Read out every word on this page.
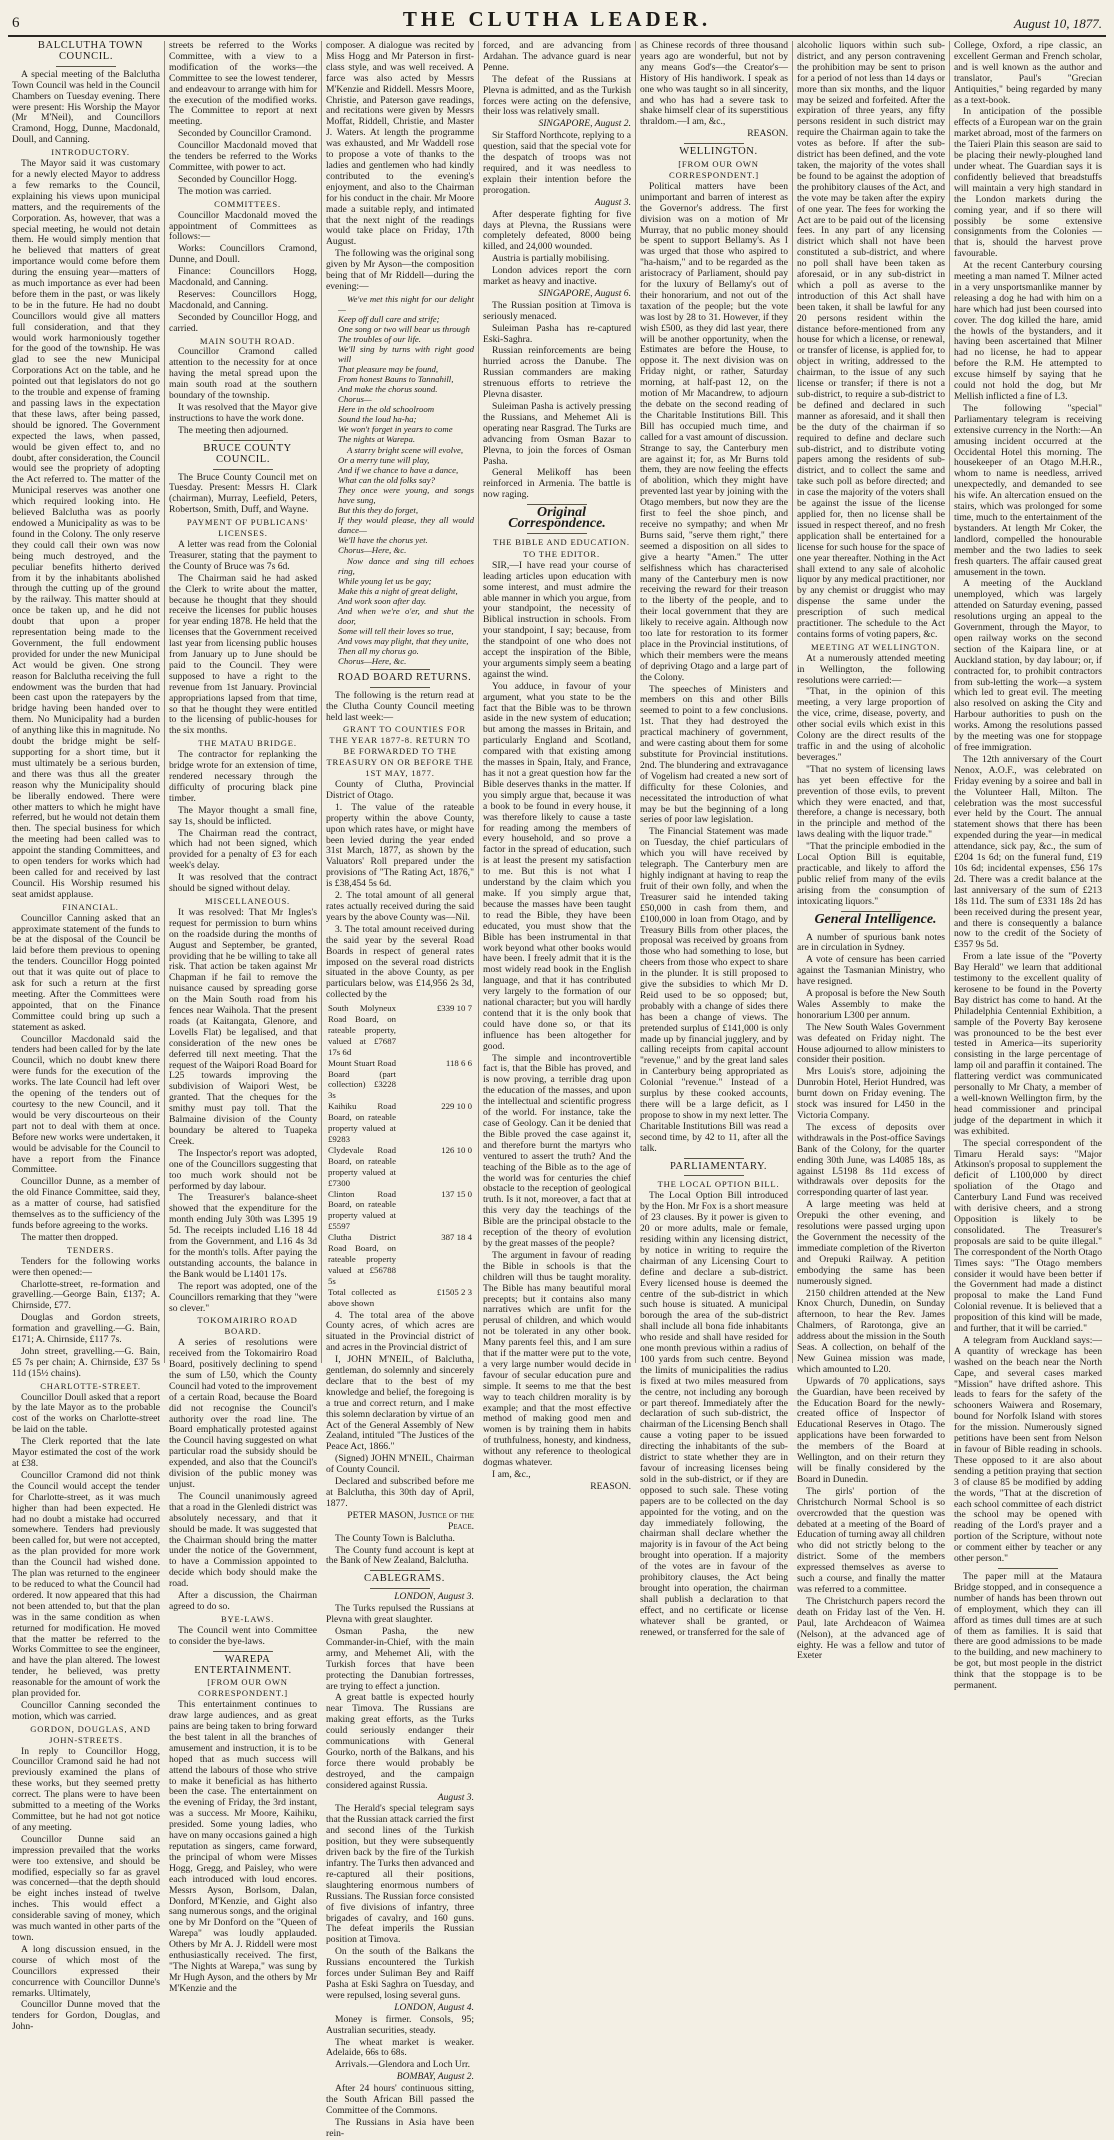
6	THE CLUTHA LEADER.	August 10, 1877.

BALCLUTHA TOWN COUNCIL.

A special meeting of the Balclutha Town Council was held in the Council Chambers on Tuesday evening. There were present: His Worship the Mayor (Mr M'Neil), and Councillors Cramond, Hogg, Dunne, Macdonald, Doull, and Canning.

INTRODUCTORY.

The Mayor said it was customary for a newly elected Mayor to address a few remarks to the Council, explaining his views upon municipal matters, and the requirements of the Corporation. As, however, that was a special meeting, he would not detain them. He would simply mention that he believed that matters of great importance would come before them during the ensuing year—matters of as much importance as ever had been before them in the past, or was likely to be in the future. He had no doubt Councillors would give all matters full consideration, and that they would work harmoniously together for the good of the township. He was glad to see the new Municipal Corporations Act on the table, and he pointed out that legislators do not go to the trouble and expense of framing and passing laws in the expectation that these laws, after being passed, should be ignored. The Government expected the laws, when passed, would be given effect to, and no doubt, after consideration, the Council would see the propriety of adopting the Act referred to. The matter of the Municipal reserves was another one which required looking into. He believed Balclutha was as poorly endowed a Municipality as was to be found in the Colony. The only reserve they could call their own was now being much destroyed, and the peculiar benefits hitherto derived from it by the inhabitants abolished through the cutting up of the ground by the railway. This matter should at once be taken up, and he did not doubt that upon a proper representation being made to the Government, the full endowment provided for under the new Municipal Act would be given. One strong reason for Balclutha receiving the full endowment was the burden that had been cast upon the ratepayers by the bridge having been handed over to them. No Municipality had a burden of anything like this in magnitude. No doubt the bridge might be self-supporting for a short time, but it must ultimately be a serious burden, and there was thus all the greater reason why the Municipality should be liberally endowed. There were other matters to which he might have referred, but he would not detain them then. The special business for which the meeting had been called was to appoint the standing Committees, and to open tenders for works which had been called for and received by last Council. His Worship resumed his seat amidst applause.

FINANCIAL.

Councillor Canning asked that an approximate statement of the funds to be at the disposal of the Council be laid before them previous to opening the tenders. Councillor Hogg pointed out that it was quite out of place to ask for such a return at the first meeting. After the Committees were appointed, that on the Finance Committee could bring up such a statement as asked.

Councillor Macdonald said the tenders had been called for by the late Council, which no doubt knew there were funds for the execution of the works. The late Council had left over the opening of the tenders out of courtesy to the new Council, and it would be very discourteous on their part not to deal with them at once. Before new works were undertaken, it would be advisable for the Council to have a report from the Finance Committee.

Councillor Dunne, as a member of the old Finance Committee, said they, as a matter of course, had satisfied themselves as to the sufficiency of the funds before agreeing to the works.

The matter then dropped.

TENDERS.

Tenders for the following works were then opened:—

Charlotte-street, re-formation and gravelling.—George Bain, £137; A. Chirnside, £77.

Douglas and Gordon streets, formation and gravelling.—G. Bain, £171; A. Chirnside, £117 7s.

John street, gravelling.—G. Bain, £5 7s per chain; A. Chirnside, £37 5s 11d (15½ chains).

CHARLOTTE-STREET.

Councillor Doull asked that a report by the late Mayor as to the probable cost of the works on Charlotte-street be laid on the table.

The Clerk reported that the late Mayor estimated the cost of the work at £38.

Councillor Cramond did not think the Council would accept the tender for Charlotte-street, as it was much higher than had been expected. He had no doubt a mistake had occurred somewhere. Tenders had previously been called for, but were not accepted, as the plan provided for more work than the Council had wished done. The plan was returned to the engineer to be reduced to what the Council had ordered. It now appeared that this had not been attended to, but that the plan was in the same condition as when returned for modification. He moved that the matter be referred to the Works Committee to see the engineer, and have the plan altered. The lowest tender, he believed, was pretty reasonable for the amount of work the plan provided for.

Councillor Canning seconded the motion, which was carried.

GORDON, DOUGLAS, AND JOHN-STREETS.

In reply to Councillor Hogg, Councillor Cramond said he had not previously examined the plans of these works, but they seemed pretty correct. The plans were to have been submitted to a meeting of the Works Committee, but he had not got notice of any meeting.

Councillor Dunne said an impression prevailed that the works were too extensive, and should be modified, especially so far as gravel was concerned—that the depth should be eight inches instead of twelve inches. This would effect a considerable saving of money, which was much wanted in other parts of the town.

A long discussion ensued, in the course of which most of the Councillors expressed their concurrence with Councillor Dunne's remarks. Ultimately,

Councillor Dunne moved that the tenders for Gordon, Douglas, and John-

streets be referred to the Works Committee, with a view to a modification of the works—the Committee to see the lowest tenderer, and endeavour to arrange with him for the execution of the modified works. The Committee to report at next meeting.

Seconded by Councillor Cramond.

Councillor Macdonald moved that the tenders be referred to the Works Committee, with power to act.

Seconded by Councillor Hogg.

The motion was carried.

COMMITTEES.

Councillor Macdonald moved the appointment of Committees as follows:—

Works: Councillors Cramond, Dunne, and Doull.

Finance: Councillors Hogg, Macdonald, and Canning.

Reserves: Councillors Hogg, Macdonald, and Canning.

Seconded by Councillor Hogg, and carried.

MAIN SOUTH ROAD.

Councillor Cramond called attention to the necessity for at once having the metal spread upon the main south road at the southern boundary of the township.

It was resolved that the Mayor give instructions to have the work done.

The meeting then adjourned.

BRUCE COUNTY COUNCIL.

The Bruce County Council met on Tuesday. Present: Messrs H. Clark (chairman), Murray, Leefield, Peters, Robertson, Smith, Duff, and Wayne.

PAYMENT OF PUBLICANS' LICENSES.

A letter was read from the Colonial Treasurer, stating that the payment to the County of Bruce was 7s 6d.

The Chairman said he had asked the Clerk to write about the matter, because he thought that they should receive the licenses for public houses for year ending 1878. He held that the licenses that the Government received last year from licensing public houses from January up to June should be paid to the Council. They were supposed to have a right to the revenue from 1st January. Provincial appropriations lapsed from that time, so that he thought they were entitled to the licensing of public-houses for the six months.

THE MATAU BRIDGE.

The contractor for replanking the bridge wrote for an extension of time, rendered necessary through the difficulty of procuring black pine timber.

The Mayor thought a small fine, say 1s, should be inflicted.

The Chairman read the contract, which had not been signed, which provided for a penalty of £3 for each week's delay.

It was resolved that the contract should be signed without delay.

MISCELLANEOUS.

It was resolved: That Mr Ingles's request for permission to burn whins on the roadside during the months of August and September, be granted, providing that he be willing to take all risk. That action be taken against Mr Chapman if he fail to remove the nuisance caused by spreading gorse on the Main South road from his fences near Waihola. That the present roads (at Kaitangata, Glenore, and Lovells Flat) be legalised, and that consideration of the new ones be deferred till next meeting. That the request of the Waipori Road Board for L25 towards improving the subdivision of Waipori West, be granted. That the cheques for the smithy must pay toll. That the Balmaine division of the County boundary be altered to Tuapeka Creek.

The Inspector's report was adopted, one of the Councillors suggesting that too much work should not be performed by day labour.

The Treasurer's balance-sheet showed that the expenditure for the month ending July 30th was L395 19 5d. The receipts included L16 18 4d from the Government, and L16 4s 3d for the month's tolls. After paying the outstanding accounts, the balance in the Bank would be L1401 17s.

The report was adopted, one of the Councillors remarking that they "were so clever."

TOKOMAIRIRO ROAD BOARD.

A series of resolutions were received from the Tokomairiro Road Board, positively declining to spend the sum of L50, which the County Council had voted to the improvement of a certain Road, because the Board did not recognise the Council's authority over the road line. The Board emphatically protested against the Council having suggested on what particular road the subsidy should be expended, and also that the Council's division of the public money was unjust.

The Council unanimously agreed that a road in the Glenledi district was absolutely necessary, and that it should be made. It was suggested that the Chairman should bring the matter under the notice of the Government, to have a Commission appointed to decide which body should make the road.

After a discussion, the Chairman agreed to do so.

BYE-LAWS.

The Council went into Committee to consider the bye-laws.

WAREPA ENTERTAINMENT.

[FROM OUR OWN CORRESPONDENT.]

This entertainment continues to draw large audiences, and as great pains are being taken to bring forward the best talent in all the branches of amusement and instruction, it is to be hoped that as much success will attend the labours of those who strive to make it beneficial as has hitherto been the case. The entertainment on the evening of Friday, the 3rd instant, was a success. Mr Moore, Kaihiku, presided. Some young ladies, who have on many occasions gained a high reputation as singers, came forward, the principal of whom were Misses Hogg, Gregg, and Paisley, who were each introduced with loud encores. Messrs Ayson, Borlsom, Dalan, Donford, M'Kenzie, and Gight also sang numerous songs, and the original one by Mr Donford on the "Queen of Warepa" was loudly applauded. Others by Mr A. J. Riddell were most enthusiastically received. The first, "The Nights at Warepa," was sung by Mr Hugh Ayson, and the others by Mr M'Kenzie and the

composer. A dialogue was recited by Miss Hogg and Mr Paterson in first-class style, and was well received. A farce was also acted by Messrs M'Kenzie and Riddell. Messrs Moore, Christie, and Paterson gave readings, and recitations were given by Messrs Moffat, Riddell, Christie, and Master J. Waters. At length the programme was exhausted, and Mr Waddell rose to propose a vote of thanks to the ladies and gentlemen who had kindly contributed to the evening's enjoyment, and also to the Chairman for his conduct in the chair. Mr Moore made a suitable reply, and intimated that the next night of the readings would take place on Friday, 17th August.

The following was the original song given by Mr Ayson—the composition being that of Mr Riddell—during the evening:—

We've met this night for our delight—
Keep off dull care and strife;
One song or two will bear us through
The troubles of our life.
We'll sing by turns with right good will
That pleasure may be found,
From honest Bauns to Tannahill,
And make the chorus sound.
Chorus—
Here in the old schoolroom
Sound the loud ha-ha;
We won't forget in years to come
The nights at Warepa.

A starry bright scene will evolve,
Or a merry tune will play,
And if we chance to have a dance,
What can the old folks say?
They once were young, and songs have sung,
But this they do forget,
If they would please, they all would dance—
We'll have the chorus yet.
Chorus—Here, &c.

Now dance and sing till echoes ring,
While young let us be gay;
Make this a night of great delight,
And work soon after day.
And when we're o'er, and shut the door,
Some will tell their loves so true,
And vows may plight, that they unite,
Then all my chorus go.
Chorus—Here, &c.

ROAD BOARD RETURNS.

The following is the return read at the Clutha County Council meeting held last week:—

GRANT TO COUNTIES FOR THE YEAR 1877-8. RETURN TO BE FORWARDED TO THE TREASURY ON OR BEFORE THE 1ST MAY, 1877.

County of Clutha, Provincial District of Otago.

1. The value of the rateable property within the above County, upon which rates have, or might have been levied during the year ended 31st March, 1877, as shown by the Valuators' Roll prepared under the provisions of "The Rating Act, 1876," is £38,454 5s 6d.

2. The total amount of all general rates actually received during the said years by the above County was—Nil.

3. The total amount received during the said year by the several Road Boards in respect of general rates imposed on the several road districts situated in the above County, as per particulars below, was £14,956 2s 3d, collected by the

South Molyneux Road Board, on rateable property, valued at £7687 17s 6d	£339 10 7
Mount Stuart Road Board (part collection) £3228 3s	118 6 6
Kaihiku Road Board, on rateable property valued at £9283	229 10 0
Clydevale Road Board, on rateable property valued at £7300	126 10 0
Clinton Road Board, on rateable property valued at £5597	137 15 0
Clutha District Road Board, on rateable property valued at £56788 5s	387 18 4
Total collected as above shown	£1505 2 3

4. The total area of the above County acres, of which acres are situated in the Provincial district of and acres in the Provincial district of

I, JOHN M'NEIL, of Balclutha, gentleman, do solemnly and sincerely declare that to the best of my knowledge and belief, the foregoing is a true and correct return, and I make this solemn declaration by virtue of an Act of the General Assembly of New Zealand, intituled "The Justices of the Peace Act, 1866."

(Signed) JOHN M'NEIL, Chairman of County Council.

Declared and subscribed before me at Balclutha, this 30th day of April, 1877.

PETER MASON, Justice of the Peace.

The County Town is Balclutha.

The County fund account is kept at the Bank of New Zealand, Balclutha.

CABLEGRAMS.

LONDON, August 3.

The Turks repulsed the Russians at Plevna with great slaughter.

Osman Pasha, the new Commander-in-Chief, with the main army, and Mehemet Ali, with the Turkish forces that have been protecting the Danubian fortresses, are trying to effect a junction.

A great battle is expected hourly near Timova. The Russians are making great efforts, as the Turks could seriously endanger their communications with General Gourko, north of the Balkans, and his force there would probably be destroyed, and the campaign considered against Russia.

August 3.

The Herald's special telegram says that the Russian attack carried the first and second lines of the Turkish position, but they were subsequently driven back by the fire of the Turkish infantry. The Turks then advanced and re-captured all their positions, slaughtering enormous numbers of Russians. The Russian force consisted of five divisions of infantry, three brigades of cavalry, and 160 guns. The defeat imperils the Russian position at Timova.

On the south of the Balkans the Russians encountered the Turkish forces under Suliman Bey and Raiff Pasha at Eski Saghra on Tuesday, and were repulsed, losing several guns.

LONDON, August 4.

Money is firmer. Consols, 95; Australian securities, steady.

The wheat market is weaker. Adelaide, 66s to 68s.

Arrivals.—Glendora and Loch Urr.

BOMBAY, August 2.

After 24 hours' continuous sitting, the South African Bill passed the Committee of the Commons.

The Russians in Asia have been rein-

forced, and are advancing from Ardahan. The advance guard is near Penne.

The defeat of the Russians at Plevna is admitted, and as the Turkish forces were acting on the defensive, their loss was relatively small.

SINGAPORE, August 2.

Sir Stafford Northcote, replying to a question, said that the special vote for the despatch of troops was not required, and it was needless to explain their intention before the prorogation.

August 3.

After desperate fighting for five days at Plevna, the Russians were completely defeated, 8000 being killed, and 24,000 wounded.

Austria is partially mobilising.

London advices report the corn market as heavy and inactive.

SINGAPORE, August 6.

The Russian position at Timova is seriously menaced.

Suleiman Pasha has re-captured Eski-Saghra.

Russian reinforcements are being hurried across the Danube. The Russian commanders are making strenuous efforts to retrieve the Plevna disaster.

Suleiman Pasha is actively pressing the Russians, and Mehemet Ali is operating near Rasgrad. The Turks are advancing from Osman Bazar to Plevna, to join the forces of Osman Pasha.

General Melikoff has been reinforced in Armenia. The battle is now raging.

Original Correspondence.

THE BIBLE AND EDUCATION.

TO THE EDITOR.

SIR,—I have read your course of leading articles upon education with some interest, and must admire the able manner in which you argue, from your standpoint, the necessity of Biblical instruction in schools. From your standpoint, I say; because, from the standpoint of one who does not accept the inspiration of the Bible, your arguments simply seem a beating against the wind.

You adduce, in favour of your argument, what you state to be the fact that the Bible was to be thrown aside in the new system of education; but among the masses in Britain, and particularly England and Scotland, compared with that existing among the masses in Spain, Italy, and France, has it not a great question how far the Bible deserves thanks in the matter. If you simply argue that, because it was a book to be found in every house, it was therefore likely to cause a taste for reading among the members of every household, and so prove a factor in the spread of education, such is at least the present my satisfaction to me. But this is not what I understand by the claim which you make. If you simply argue that, because the masses have been taught to read the Bible, they have been educated, you must show that the Bible has been instrumental in that work beyond what other books would have been. I freely admit that it is the most widely read book in the English language, and that it has contributed very largely to the formation of our national character; but you will hardly contend that it is the only book that could have done so, or that its influence has been altogether for good.

The simple and incontrovertible fact is, that the Bible has proved, and is now proving, a terrible drag upon the education of the masses, and upon the intellectual and scientific progress of the world. For instance, take the case of Geology. Can it be denied that the Bible proved the case against it, and therefore burnt the martyrs who ventured to assert the truth? And the teaching of the Bible as to the age of the world was for centuries the chief obstacle to the reception of geological truth. Is it not, moreover, a fact that at this very day the teachings of the Bible are the principal obstacle to the reception of the theory of evolution by the great masses of the people?

The argument in favour of reading the Bible in schools is that the children will thus be taught morality. The Bible has many beautiful moral precepts; but it contains also many narratives which are unfit for the perusal of children, and which would not be tolerated in any other book. Many parents feel this, and I am sure that if the matter were put to the vote, a very large number would decide in favour of secular education pure and simple. It seems to me that the best way to teach children morality is by example; and that the most effective method of making good men and women is by training them in habits of truthfulness, honesty, and kindness, without any reference to theological dogmas whatever.

I am, &c.,

REASON.

as Chinese records of three thousand years ago are wonderful, but not by any means God's—the Creator's—History of His handiwork. I speak as one who was taught so in all sincerity, and who has had a severe task to shake himself clear of its superstitious thraldom.—I am, &c.,

REASON.

WELLINGTON.

[FROM OUR OWN CORRESPONDENT.]

Political matters have been unimportant and barren of interest as the Governor's address. The first division was on a motion of Mr Murray, that no public money should be spent to support Bellamy's. As I was urged that those who aspired to "ha-haism," and to be regarded as the aristocracy of Parliament, should pay for the luxury of Bellamy's out of their honorarium, and not out of the taxation of the people; but the vote was lost by 28 to 31. However, if they wish £500, as they did last year, there will be another opportunity, when the Estimates are before the House, to oppose it. The next division was on Friday night, or rather, Saturday morning, at half-past 12, on the motion of Mr Macandrew, to adjourn the debate on the second reading of the Charitable Institutions Bill. This Bill has occupied much time, and called for a vast amount of discussion. Strange to say, the Canterbury men are against it; for, as Mr Burns told them, they are now feeling the effects of abolition, which they might have prevented last year by joining with the Otago members, but now they are the first to feel the shoe pinch, and receive no sympathy; and when Mr Burns said, "serve them right," there seemed a disposition on all sides to give a hearty "Amen." The utter selfishness which has characterised many of the Canterbury men is now receiving the reward for their treason to the liberty of the people, and to their local government that they are likely to receive again. Although now too late for restoration to its former place in the Provincial institutions, of which their members were the means of depriving Otago and a large part of the Colony.

The speeches of Ministers and members on this and other Bills seemed to point to a few conclusions. 1st. That they had destroyed the practical machinery of government, and were casting about them for some substitute for Provincial institutions. 2nd. The blundering and extravagance of Vogelism had created a new sort of difficulty for these Colonies, and necessitated the introduction of what may be but the beginning of a long series of poor law legislation.

The Financial Statement was made on Tuesday, the chief particulars of which you will have received by telegraph. The Canterbury men are highly indignant at having to reap the fruit of their own folly, and when the Treasurer said he intended taking £50,000 in cash from them, and £100,000 in loan from Otago, and by Treasury Bills from other places, the proposal was received by groans from those who had something to lose, but cheers from those who expect to share in the plunder. It is still proposed to give the subsidies to which Mr D. Reid used to be so opposed; but, probably with a change of sides there has been a change of views. The pretended surplus of £141,000 is only made up by financial jugglery, and by calling receipts from capital account "revenue," and by the great land sales in Canterbury being appropriated as Colonial "revenue." Instead of a surplus by these cooked accounts, there will be a large deficit, as I propose to show in my next letter. The Charitable Institutions Bill was read a second time, by 42 to 11, after all the talk.

PARLIAMENTARY.

THE LOCAL OPTION BILL.

The Local Option Bill introduced by the Hon. Mr Fox is a short measure of 23 clauses. By it power is given to 20 or more adults, male or female, residing within any licensing district, by notice in writing to require the chairman of any Licensing Court to define and declare a sub-district. Every licensed house is deemed the centre of the sub-district in which such house is situated. A municipal borough the area of the sub-district shall include all bona fide inhabitants who reside and shall have resided for one month previous within a radius of 100 yards from such centre. Beyond the limits of municipalities the radius is fixed at two miles measured from the centre, not including any borough or part thereof. Immediately after the declaration of such sub-district, the chairman of the Licensing Bench shall cause a voting paper to be issued directing the inhabitants of the sub-district to state whether they are in favour of increasing licenses being sold in the sub-district, or if they are opposed to such sale. These voting papers are to be collected on the day appointed for the voting, and on the day immediately following, the chairman shall declare whether the majority is in favour of the Act being brought into operation. If a majority of the votes are in favour of the prohibitory clauses, the Act being brought into operation, the chairman shall publish a declaration to that effect, and no certificate or license whatever shall be granted, or renewed, or transferred for the sale of

alcoholic liquors within such sub-district, and any person contravening the prohibition may be sent to prison for a period of not less than 14 days or more than six months, and the liquor may be seized and forfeited. After the expiration of three years, any fifty persons resident in such district may require the Chairman again to take the votes as before. If after the sub-district has been defined, and the vote taken, the majority of the votes shall be found to be against the adoption of the prohibitory clauses of the Act, and the vote may be taken after the expiry of one year. The fees for working the Act are to be paid out of the licensing fees. In any part of any licensing district which shall not have been constituted a sub-district, and where no poll shall have been taken as aforesaid, or in any sub-district in which a poll as averse to the introduction of this Act shall have been taken, it shall be lawful for any 20 persons resident within the distance before-mentioned from any house for which a license, or renewal, or transfer of license, is applied for, to object in writing, addressed to the chairman, to the issue of any such license or transfer; if there is not a sub-district, to require a sub-district to be defined and declared in such manner as aforesaid, and it shall then be the duty of the chairman if so required to define and declare such sub-district, and to distribute voting papers among the residents of sub-district, and to collect the same and take such poll as before directed; and in case the majority of the voters shall be against the issue of the license applied for, then no license shall be issued in respect thereof, and no fresh application shall be entertained for a license for such house for the space of one year thereafter. Nothing in the Act shall extend to any sale of alcoholic liquor by any medical practitioner, nor by any chemist or druggist who may dispense the same under the prescription of such medical practitioner. The schedule to the Act contains forms of voting papers, &c.

MEETING AT WELLINGTON.

At a numerously attended meeting in Wellington, the following resolutions were carried:—

"That, in the opinion of this meeting, a very large proportion of the vice, crime, disease, poverty, and other social evils which exist in this Colony are the direct results of the traffic in and the using of alcoholic beverages."

"That no system of licensing laws has yet been effective for the prevention of those evils, to prevent which they were enacted, and that, therefore, a change is necessary, both in the principle and method of the laws dealing with the liquor trade."

"That the principle embodied in the Local Option Bill is equitable, practicable, and likely to afford the public relief from many of the evils arising from the consumption of intoxicating liquors."

General Intelligence.

A number of spurious bank notes are in circulation in Sydney.

A vote of censure has been carried against the Tasmanian Ministry, who have resigned.

A proposal is before the New South Wales Assembly to make the honorarium L300 per annum.

The New South Wales Government was defeated on Friday night. The House adjourned to allow ministers to consider their position.

Mrs Louis's store, adjoining the Dunrobin Hotel, Heriot Hundred, was burnt down on Friday evening. The stock was insured for L450 in the Victoria Company.

The excess of deposits over withdrawals in the Post-office Savings Bank of the Colony, for the quarter ending 30th June, was L4085 18s, as against L5198 8s 11d excess of withdrawals over deposits for the corresponding quarter of last year.

A large meeting was held at Orepuki the other evening, and resolutions were passed urging upon the Government the necessity of the immediate completion of the Riverton and Orepuki Railway. A petition embodying the same has been numerously signed.

2150 children attended at the New Knox Church, Dunedin, on Sunday afternoon, to hear the Rev. James Chalmers, of Rarotonga, give an address about the mission in the South Seas. A collection, on behalf of the New Guinea mission was made, which amounted to L20.

Upwards of 70 applications, says the Guardian, have been received by the Education Board for the newly-created office of Inspector of Educational Reserves in Otago. The applications have been forwarded to the members of the Board at Wellington, and on their return they will be finally considered by the Board in Dunedin.

The girls' portion of the Christchurch Normal School is so overcrowded that the question was debated at a meeting of the Board of Education of turning away all children who did not strictly belong to the district. Some of the members expressed themselves as averse to such a course, and finally the matter was referred to a committee.

The Christchurch papers record the death on Friday last of the Ven. H. Paul, late Archdeacon of Waimea (Nelson), at the advanced age of eighty. He was a fellow and tutor of Exeter

College, Oxford, a ripe classic, an excellent German and French scholar, and is well known as the author and translator, Paul's "Grecian Antiquities," being regarded by many as a text-book.

In anticipation of the possible effects of a European war on the grain market abroad, most of the farmers on the Taieri Plain this season are said to be placing their newly-ploughed land under wheat. The Guardian says it is confidently believed that breadstuffs will maintain a very high standard in the London markets during the coming year, and if so there will possibly be some extensive consignments from the Colonies —that is, should the harvest prove favourable.

At the recent Canterbury coursing meeting a man named T. Milner acted in a very unsportsmanlike manner by releasing a dog he had with him on a hare which had just been coursed into cover. The dog killed the hare, amid the howls of the bystanders, and it having been ascertained that Milner had no license, he had to appear before the R.M. He attempted to excuse himself by saying that he could not hold the dog, but Mr Mellish inflicted a fine of L3.

The following "special" Parliamentary telegram is receiving extensive currency in the North:—An amusing incident occurred at the Occidental Hotel this morning. The housekeeper of an Otago M.H.R., whom to name is needless, arrived unexpectedly, and demanded to see his wife. An altercation ensued on the stairs, which was prolonged for some time, much to the entertainment of the bystanders. At length Mr Coker, the landlord, compelled the honourable member and the two ladies to seek fresh quarters. The affair caused great amusement in the town.

A meeting of the Auckland unemployed, which was largely attended on Saturday evening, passed resolutions urging an appeal to the Government, through the Mayor, to open railway works on the second section of the Kaipara line, or at Auckland station, by day labour; or, if contracted for, to prohibit contractors from sub-letting the work—a system which led to great evil. The meeting also resolved on asking the City and Harbour authorities to push on the works. Among the resolutions passed by the meeting was one for stoppage of free immigration.

The 12th anniversary of the Court Nenox, A.O.F., was celebrated on Friday evening by a soiree and ball in the Volunteer Hall, Milton. The celebration was the most successful ever held by the Court. The annual statement shows that there has been expended during the year—in medical attendance, sick pay, &c., the sum of £204 1s 6d; on the funeral fund, £19 10s 6d; incidental expenses, £56 17s 2d. There was a credit balance at the last anniversary of the sum of £213 18s 11d. The sum of £331 18s 2d has been received during the present year, and there is consequently a balance now to the credit of the Society of £357 9s 5d.

From a late issue of the "Poverty Bay Herald" we learn that additional testimony to the excellent quality of kerosene to be found in the Poverty Bay district has come to hand. At the Philadelphia Centennial Exhibition, a sample of the Poverty Bay kerosene was pronounced to be the best ever tested in America—its superiority consisting in the large percentage of lamp oil and paraffin it contained. The flattering verdict was communicated personally to Mr Chaty, a member of a well-known Wellington firm, by the head commissioner and principal judge of the department in which it was exhibited.

The special correspondent of the Timaru Herald says: "Major Atkinson's proposal to supplement the deficit of L100,000 by direct spoliation of the Otago and Canterbury Land Fund was received with derisive cheers, and a strong Opposition is likely to be consolidated. The Treasurer's proposals are said to be quite illegal." The correspondent of the North Otago Times says: "The Otago members consider it would have been better if the Government had made a distinct proposal to make the Land Fund Colonial revenue. It is believed that a proposition of this kind will be made, and further, that it will be carried."

A telegram from Auckland says:— A quantity of wreckage has been washed on the beach near the North Cape, and several cases marked "Mission" have drifted ashore. This leads to fears for the safety of the schooners Waiwera and Rosemary, bound for Norfolk Island with stores for the mission. Numerously signed petitions have been sent from Nelson in favour of Bible reading in schools. These opposed to it are also about sending a petition praying that section 3 of clause 85 be modified by adding the words, "That at the discretion of each school committee of each district the school may be opened with reading of the Lord's prayer and a portion of the Scripture, without note or comment either by teacher or any other person."

The paper mill at the Mataura Bridge stopped, and in consequence a number of hands has been thrown out of employment, which they can ill afford as times dull times are at such of them as families. It is said that there are good admissions to be made to the building, and new machinery to be got, but most people in the district think that the stoppage is to be permanent.
